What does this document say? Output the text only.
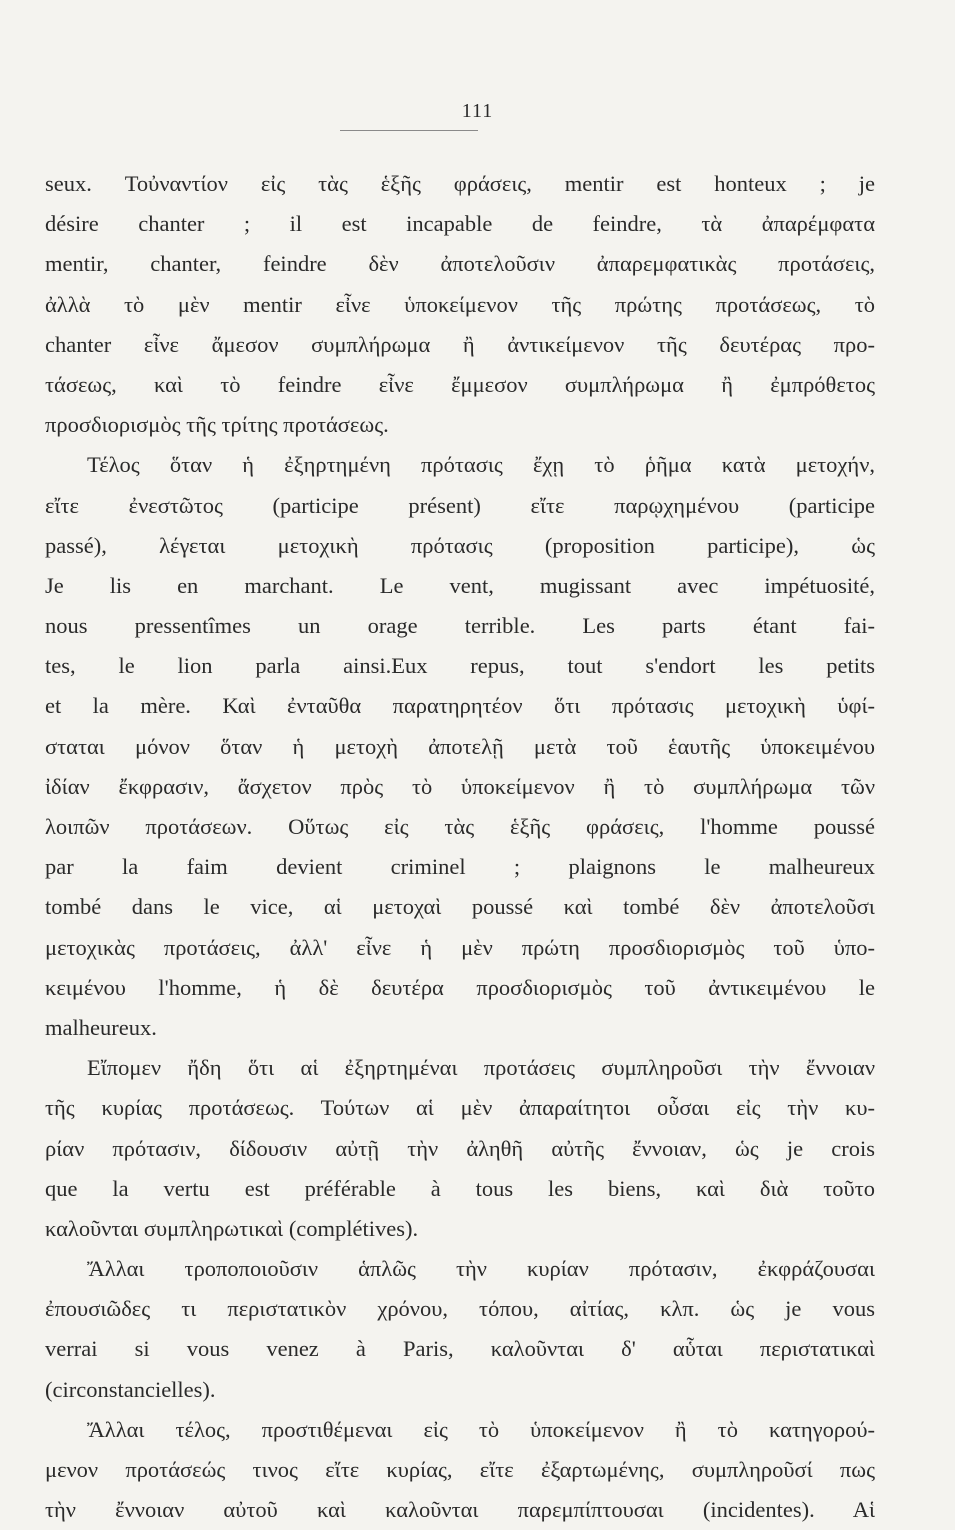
111
seux. Τοὐναντίον εἰς τὰς ἑξῆς φράσεις, mentir est honteux ; je
désire chanter ; il est incapable de feindre, τὰ ἀπαρέμφατα
mentir, chanter, feindre δὲν ἀποτελοῦσιν ἀπαρεμφατικὰς προτάσεις,
ἀλλὰ τὸ μὲν mentir εἶνε ὑποκείμενον τῆς πρώτης προτάσεως, τὸ
chanter εἶνε ἄμεσον συμπλήρωμα ἢ ἀντικείμενον τῆς δευτέρας προ-
τάσεως, καὶ τὸ feindre εἶνε ἔμμεσον συμπλήρωμα ἢ ἐμπρόθετος
προσδιορισμὸς τῆς τρίτης προτάσεως.
Τέλος ὅταν ἡ ἐξηρτημένη πρότασις ἔχῃ τὸ ῥῆμα κατὰ μετοχήν,
εἴτε ἐνεστῶτος (participe présent) εἴτε παρῳχημένου (participe
passé), λέγεται μετοχικὴ πρότασις (proposition participe), ὡς
Je lis en marchant. Le vent, mugissant avec impétuosité,
nous pressentîmes un orage terrible. Les parts étant fai-
tes, le lion parla ainsi.Eux repus, tout s'endort les petits
et la mère. Καὶ ἐνταῦθα παρατηρητέον ὅτι πρότασις μετοχικὴ ὑφί-
σταται μόνον ὅταν ἡ μετοχὴ ἀποτελῇ μετὰ τοῦ ἑαυτῆς ὑποκειμένου
ἰδίαν ἔκφρασιν, ἄσχετον πρὸς τὸ ὑποκείμενον ἢ τὸ συμπλήρωμα τῶν
λοιπῶν προτάσεων. Οὕτως εἰς τὰς ἑξῆς φράσεις, l'homme poussé
par la faim devient criminel ; plaignons le malheureux
tombé dans le vice, αἱ μετοχαὶ poussé καὶ tombé δὲν ἀποτελοῦσι
μετοχικὰς προτάσεις, ἀλλ' εἶνε ἡ μὲν πρώτη προσδιορισμὸς τοῦ ὑπο-
κειμένου l'homme, ἡ δὲ δευτέρα προσδιορισμὸς τοῦ ἀντικειμένου le
malheureux.
Εἴπομεν ἤδη ὅτι αἱ ἐξηρτημέναι προτάσεις συμπληροῦσι τὴν ἔννοιαν
τῆς κυρίας προτάσεως. Τούτων αἱ μὲν ἀπαραίτητοι οὖσαι εἰς τὴν κυ-
ρίαν πρότασιν, δίδουσιν αὐτῇ τὴν ἀληθῆ αὐτῆς ἔννοιαν, ὡς je crois
que la vertu est préférable à tous les biens, καὶ διὰ τοῦτο
καλοῦνται συμπληρωτικαὶ (complétives).
Ἄλλαι τροποποιοῦσιν ἁπλῶς τὴν κυρίαν πρότασιν, ἐκφράζουσαι
ἐπουσιῶδες τι περιστατικὸν χρόνου, τόπου, αἰτίας, κλπ. ὡς je vous
verrai si vous venez à Paris, καλοῦνται δ' αὗται περιστατικαὶ
(circonstancielles).
Ἄλλαι τέλος, προστιθέμεναι εἰς τὸ ὑποκείμενον ἢ τὸ κατηγορού-
μενον προτάσεώς τινος εἴτε κυρίας, εἴτε ἐξαρτωμένης, συμπληροῦσί πως
τὴν ἔννοιαν αὐτοῦ καὶ καλοῦνται παρεμπίπτουσαι (incidentes). Αἱ
